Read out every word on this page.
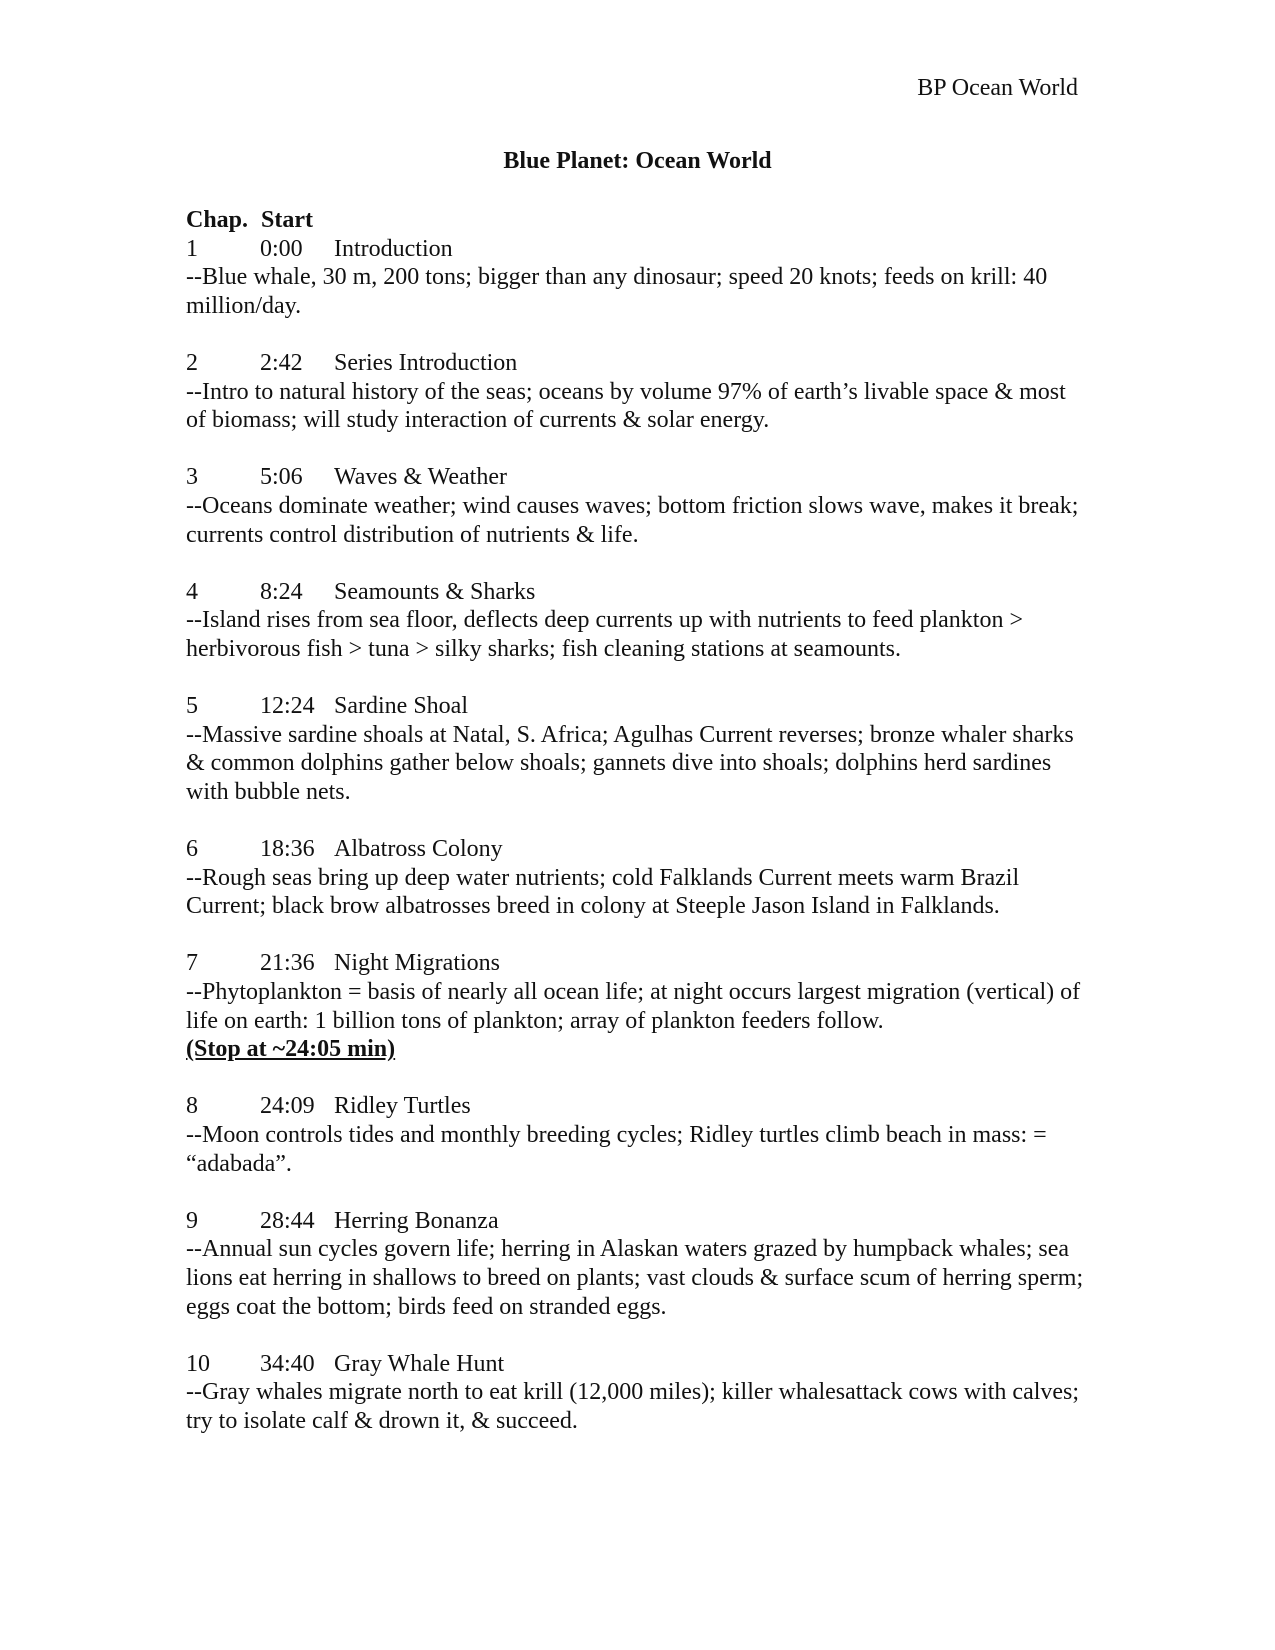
BP Ocean World
Blue Planet: Ocean World
Chap. Start
1	0:00 Introduction
--Blue whale, 30 m, 200 tons; bigger than any dinosaur; speed 20 knots; feeds on krill: 40 million/day.
2	2:42 Series Introduction
--Intro to natural history of the seas; oceans by volume 97% of earth’s livable space & most of biomass; will study interaction of currents & solar energy.
3	5:06 Waves & Weather
--Oceans dominate weather; wind causes waves; bottom friction slows wave, makes it break; currents control distribution of nutrients & life.
4	8:24 Seamounts & Sharks
--Island rises from sea floor, deflects deep currents up with nutrients to feed plankton > herbivorous fish > tuna > silky sharks; fish cleaning stations at seamounts.
5	12:24 Sardine Shoal
--Massive sardine shoals at Natal, S. Africa; Agulhas Current reverses; bronze whaler sharks & common dolphins gather below shoals; gannets dive into shoals; dolphins herd sardines with bubble nets.
6	18:36 Albatross Colony
--Rough seas bring up deep water nutrients; cold Falklands Current meets warm Brazil Current; black brow albatrosses breed in colony at Steeple Jason Island in Falklands.
7	21:36 Night Migrations
--Phytoplankton = basis of nearly all ocean life; at night occurs largest migration (vertical) of life on earth: 1 billion tons of plankton; array of plankton feeders follow.
(Stop at ~24:05 min)
8	24:09 Ridley Turtles
--Moon controls tides and monthly breeding cycles; Ridley turtles climb beach in mass: = “adabada”.
9	28:44 Herring Bonanza
--Annual sun cycles govern life; herring in Alaskan waters grazed by humpback whales; sea lions eat herring in shallows to breed on plants; vast clouds & surface scum of herring sperm; eggs coat the bottom; birds feed on stranded eggs.
10 34:40 Gray Whale Hunt
--Gray whales migrate north to eat krill (12,000 miles); killer whalesattack cows with calves; try to isolate calf & drown it, & succeed.
